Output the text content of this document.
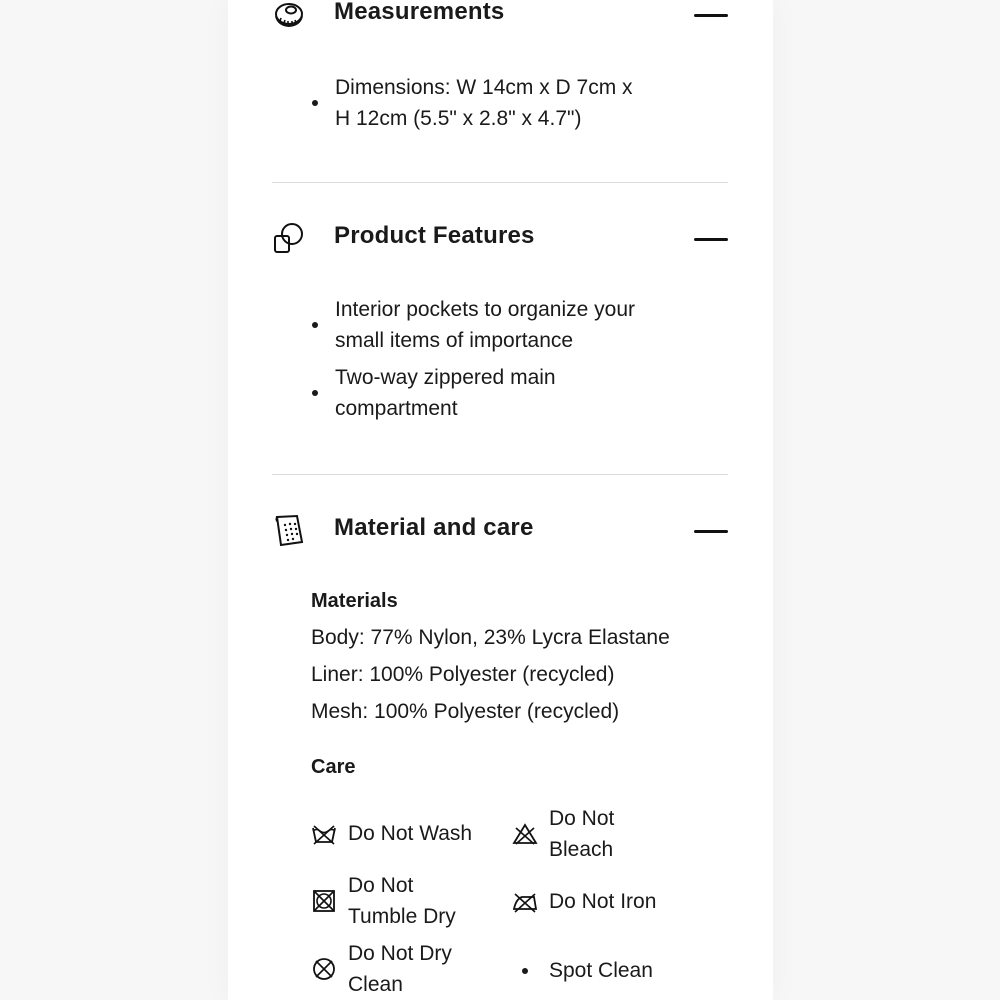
Measurements
Dimensions: W 14cm x D 7cm x H 12cm (5.5" x 2.8" x 4.7")
Product Features
Interior pockets to organize your small items of importance
Two-way zippered main compartment
Material and care

Materials

Body: 77% Nylon, 23% Lycra Elastane

Liner: 100% Polyester (recycled)

Mesh: 100% Polyester (recycled)

Care

Do Not Wash
Do Not Bleach
Do Not Tumble Dry
Do Not Iron
Do Not Dry Clean
Spot Clean
